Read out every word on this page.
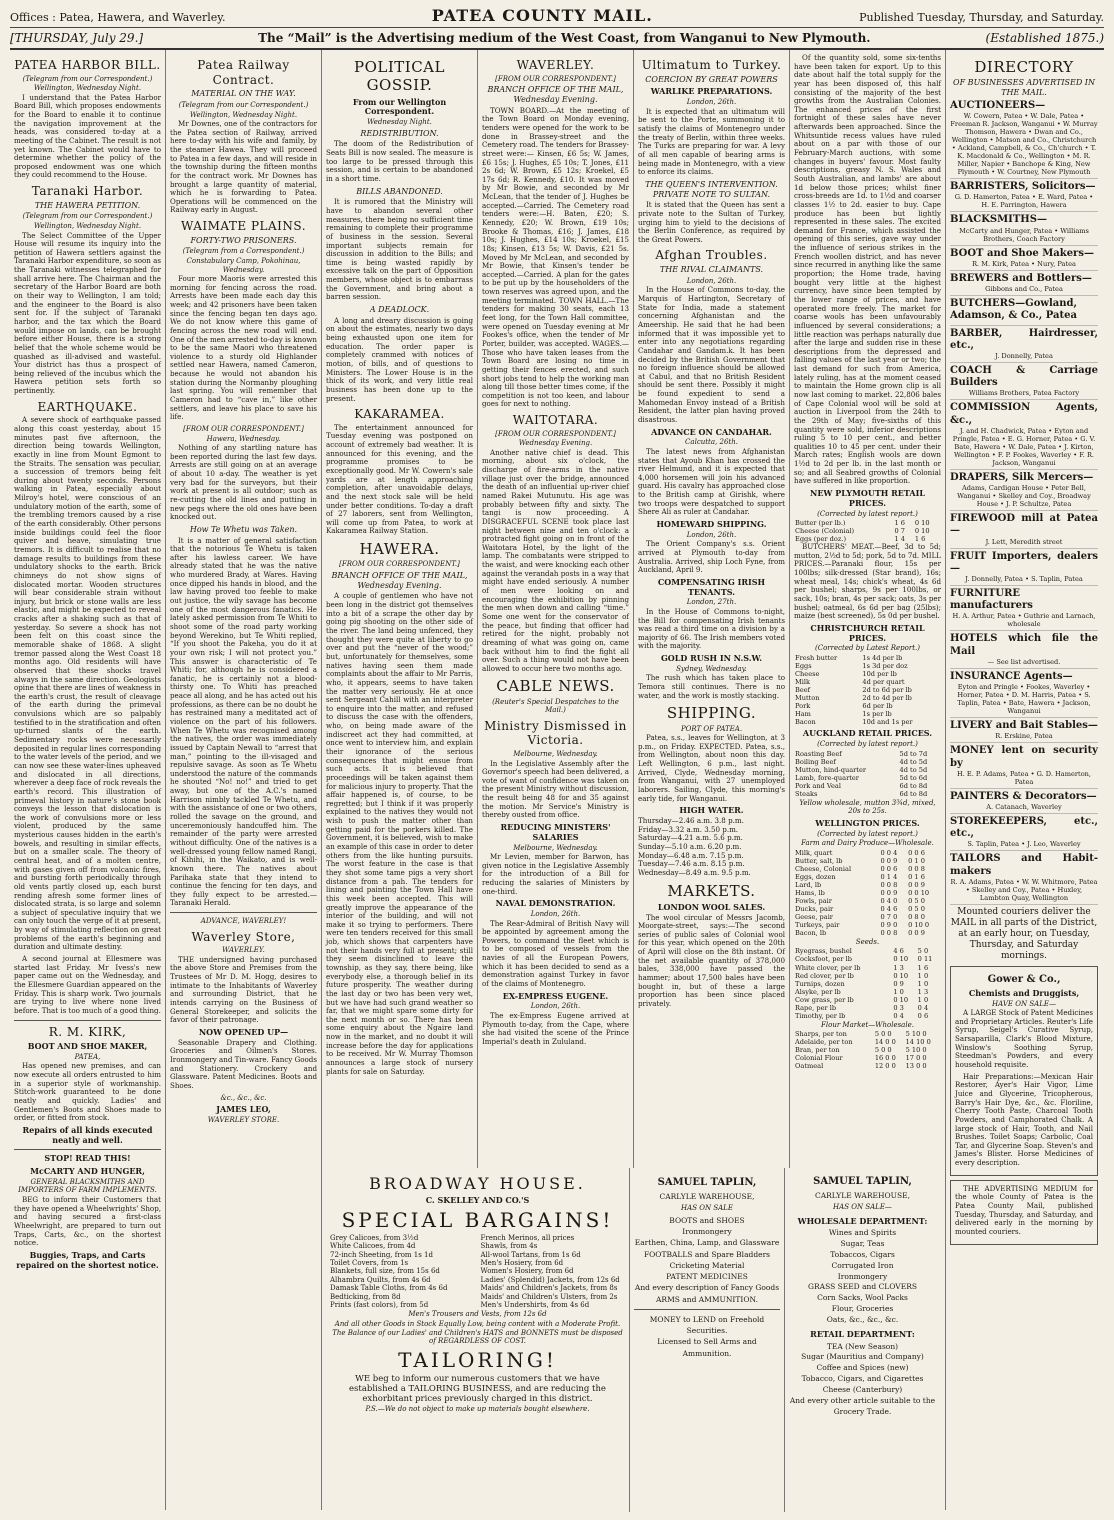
Offices : Patea, Hawera, and Waverley.	PATEA COUNTY MAIL.	Published Tuesday, Thursday, and Saturday.
[THURSDAY, July 29.]	The “Mail” is the Advertising medium of the West Coast, from Wanganui to New Plymouth.	(Established 1875.)
PATEA HARBOR BILL.
(Telegram from our Correspondent.)
Wellington, Wednesday Night.

I understand that the Patea Harbor Board Bill, which proposes endowments for the Board to enable it to continue the navigation improvement at the heads, was considered to-day at a meeting of the Cabinet. The result is not yet known. The Cabinet would have to determine whether the policy of the proposed endowment was one which they could recommend to the House.

Taranaki Harbor.
THE HAWERA PETITION.
(Telegram from our Correspondent.)
Wellington, Wednesday Night.

The Select Committee of the Upper House will resume its inquiry into the petition of Hawera settlers against the Taranaki Harbor expenditure, so soon as the Taranaki witnesses telegraphed for shall arrive here. The Chairman and the secretary of the Harbor Board are both on their way to Wellington, I am told; and the engineer to the Board is also sent for. If the subject of Taranaki harbor, and the tax which the Board would impose on lands, can be brought before either House, there is a strong belief that the whole scheme would be quashed as ill-advised and wasteful. Your district has thus a prospect of being relieved of the incubus which the Hawera petition sets forth so pertinently.

EARTHQUAKE.

A severe shock of earthquake passed along this coast yesterday, about 15 minutes past five afternoon, the direction being towards Wellington, exactly in line from Mount Egmont to the Straits. The sensation was peculiar, a succession of tremors being felt during about twenty seconds. Persons walking in Patea, especially about Milroy's hotel, were conscious of an undulatory motion of the earth, some of the trembling tremors caused by a rise of the earth considerably. Other persons inside buildings could feel the floor quiver and heave, simulating true tremors. It is difficult to realise that no damage results to buildings from these undulatory shocks to the earth. Brick chimneys do not show signs of dislocated mortar. Wooden structures will bear considerable strain without injury, but brick or stone walls are less elastic, and might be expected to reveal cracks after a shaking such as that of yesterday. So severe a shock has not been felt on this coast since the memorable shake of 1868. A slight tremor passed along the West Coast 18 months ago. Old residents will have observed that these shocks travel always in the same direction. Geologists opine that there are lines of weakness in the earth's crust, the result of cleavage of the earth during the primeval convulsions which are so palpably testified to in the stratification and often up-turned slants of the earth. Sedimentary rocks were necessarily deposited in regular lines corresponding to the water levels of the period, and we can now see these water-lines upheaved and dislocated in all directions, wherever a deep face of rock reveals the earth's record. This illustration of primeval history in nature's stone book conveys the lesson that dislocation is the work of convulsions more or less violent, produced by the same mysterious causes hidden in the earth's bowels, and resulting in similar effects, but on a smaller scale. The theory of central heat, and of a molten centre, with gases given off from volcanic fires, and bursting forth periodically through old vents partly closed up, each burst rending afresh some former lines of dislocated strata, is so large and solemn a subject of speculative inquiry that we can only touch the verge of it at present, by way of stimulating reflection on great problems of the earth's beginning and duration and ultimate destiny.

A second journal at Ellesmere was started last Friday. Mr Ivess's new paper came out on the Wednesday, and the Ellesmere Guardian appeared on the Friday. This is sharp work. Two journals are trying to live where none lived before. That is too much of a good thing.

R. M. KIRK,
BOOT AND SHOE MAKER,
PATEA,

Has opened new premises, and can now execute all orders entrusted to him in a superior style of workmanship. Stitch-work guaranteed to be done neatly and quickly. Ladies' and Gentlemen's Boots and Shoes made to order, or fitted from stock.

Repairs of all kinds executed neatly and well.
STOP! READ THIS!
McCARTY AND HUNGER,
GENERAL BLACKSMITHS AND IMPORTERS OF FARM IMPLEMENTS.

BEG to inform their Customers that they have opened a Wheelwrights' Shop, and having secured a first-class Wheelwright, are prepared to turn out Traps, Carts, &c., on the shortest notice.

Buggies, Traps, and Carts repaired on the shortest notice.
Patea Railway Contract.
MATERIAL ON THE WAY.
(Telegram from our Correspondent.)
Wellington, Wednesday Night.

Mr Downes, one of the contractors for the Patea section of Railway, arrived here to-day with his wife and family, by the steamer Hawea. They will proceed to Patea in a few days, and will reside in the township during the fifteen months for the contract work. Mr Downes has brought a large quantity of material, which he is forwarding to Patea. Operations will be commenced on the Railway early in August.

WAIMATE PLAINS.
FORTY-TWO PRISONERS.
(Telegram from a Correspondent.)
Constabulary Camp, Pokohinau, Wednesday.

Four more Maoris were arrested this morning for fencing across the road. Arrests have been made each day this week; and 42 prisoners have been taken since the fencing began ten days ago. We do not know where this game of fencing across the new road will end. One of the men arrested to-day is known to be the same Maori who threatened violence to a sturdy old Highlander settled near Hawera, named Cameron, because he would not abandon his station during the Normanby ploughing last spring. You will remember that Cameron had to “cave in,” like other settlers, and leave his place to save his life.

[FROM OUR CORRESPONDENT.]
Hawera, Wednesday.

Nothing of any startling nature has been reported during the last few days. Arrests are still going on at an average of about 10 a-day. The weather is yet very bad for the surveyors, but their work at present is all outdoor; such as re-cutting the old lines and putting in new pegs where the old ones have been knocked out.

How Te Whetu was Taken.

It is a matter of general satisfaction that the notorious Te Whetu is taken after his lawless career. We have already stated that he was the native who murdered Brady, at Wares. Having once dipped his hands in blood, and the law having proved too feeble to make out justice, the wily savage has become one of the most dangerous fanatics. He lately asked permission from Te Whiti to shoot some of the road party working beyond Werekino, but Te Whiti replied, “If you shoot the Pakeha, you do it at your own risk; I will not protect you.” This answer is characteristic of Te Whiti; for, although he is considered a fanatic, he is certainly not a blood-thirsty one. To Whiti has preached peace all along, and he has acted out his professions, as there can be no doubt he has restrained many a meditated act of violence on the part of his followers. When Te Whetu was recognised among the natives, the order was immediately issued by Captain Newall to “arrest that man,” pointing to the ill-visaged and repulsive savage. As soon as Te Whetu understood the nature of the commands he shouted “No! no!” and tried to get away, but one of the A.C.'s named Harrison nimbly tackled Te Whetu, and with the assistance of one or two others, rolled the savage on the ground, and unceremoniously handcuffed him. The remainder of the party were arrested without difficulty. One of the natives is a well-dressed young fellow named Rangi, of Kihihi, in the Waikato, and is well-known there. The natives about Parihaka state that they intend to continue the fencing for ten days, and they fully expect to be arrested.—Taranaki Herald.

ADVANCE, WAVERLEY!
Waverley Store,
WAVERLEY.

THE undersigned having purchased the above Store and Premises from the Trustees of Mr D. M. Hogg, desires to intimate to the Inhabitants of Waverley and surrounding District, that he intends carrying on the Business of General Storekeeper, and solicits the favor of their patronage.

NOW OPENED UP—

Seasonable Drapery and Clothing. Groceries and Oilmen's Stores. Ironmongery and Tin-ware. Fancy Goods and Stationery. Crockery and Glassware. Patent Medicines. Boots and Shoes.

&c., &c., &c.
JAMES LEO,
WAVERLEY STORE.
POLITICAL GOSSIP.
From our Wellington Correspondent.
Wednesday Night.
REDISTRIBUTION.

The doom of the Redistribution of Seats Bill is now sealed. The measure is too large to be pressed through this session, and is certain to be abandoned in a short time.

BILLS ABANDONED.

It is rumored that the Ministry will have to abandon several other measures, there being no sufficient time remaining to complete their programme of business in the session. Several important subjects remain for discussion in addition to the Bills; and time is being wasted rapidly by excessive talk on the part of Opposition members, whose object is to embarrass the Government, and bring about a barren session.

A DEADLOCK.

A long and dreary discussion is going on about the estimates, nearly two days being exhausted upon one item for education. The order paper is completely crammed with notices of motion, of bills, and of questions to Ministers. The Lower House is in the thick of its work, and very little real business has been done up to the present.

KAKARAMEA.

The entertainment announced for Tuesday evening was postponed on account of extremely bad weather. It is announced for this evening, and the programme promises to be exceptionally good. Mr W. Cowern's sale yards are at length approaching completion, after unavoidable delays, and the next stock sale will be held under better conditions. To-day a draft of 27 laborers, sent from Wellington, will come up from Patea, to work at Kakaramea Railway Station.

HAWERA.
[FROM OUR CORRESPONDENT.]
BRANCH OFFICE OF THE MAIL, Wednesday Evening.

A couple of gentlemen who have not been long in the district got themselves into a bit of a scrape the other day by going pig shooting on the other side of the river. The land being unfenced, they thought they were quite at liberty to go over and put the “never of the wood;” but, unfortunately for themselves, some natives having seen them made complaints about the affair to Mr Parris, who, it appears, seems to have taken the matter very seriously. He at once sent Sergeant Cahill with an interpreter to enquire into the matter, and refused to discuss the case with the offenders, who, on being made aware of the indiscreet act they had committed, at once went to interview him, and explain their ignorance of the serious consequences that might ensue from such acts. It is believed that proceedings will be taken against them for malicious injury to property. That the affair happened is, of course, to be regretted; but I think if it was properly explained to the natives they would not wish to push the matter other than getting paid for the porkers killed. The Government, it is believed, wish to make an example of this case in order to deter others from the like hunting pursuits. The worst feature in the case is that they shot some tame pigs a very short distance from a pah. The tenders for lining and painting the Town Hall have this week been accepted. This will greatly improve the appearance of the interior of the building, and will not make it so trying to performers. There were ten tenders received for this small job, which shows that carpenters have not their hands very full at present; still they seem disinclined to leave the township, as they say, there being, like everybody else, a thorough belief in its future prosperity. The weather during the last day or two has been very wet, but we have had such grand weather so far, that we might spare some dirty for the next month or so. There has been some enquiry about the Ngaire land now in the market, and no doubt it will increase before the day for applications to be received. Mr W. Murray Thomson announces a large stock of nursery plants for sale on Saturday.

WAVERLEY.
[FROM OUR CORRESPONDENT.]
BRANCH OFFICE OF THE MAIL, Wednesday Evening.

TOWN BOARD.—At the meeting of the Town Board on Monday evening, tenders were opened for the work to be done in Brassey-street and the Cemetery road. The tenders for Brassey-street were:— Kinsen, £6 5s; W. James, £6 15s; J. Hughes, £5 10s; T. Jones, £11 2s 6d; W. Brown, £5 12s; Kroekel, £5 17s 6d; R. Kennedy, £10. It was moved by Mr Bowie, and seconded by Mr McLean, that the tender of J. Hughes be accepted.—Carried. The Cemetery road tenders were:—H. Baten, £20; S. Kennedy, £20; W. Brown, £19 10s; Brooke & Thomas, £16; J. James, £18 10s; J. Hughes, £14 10s; Kroekel, £15 18s; Kinsen, £13 5s; W. Davis, £21 5s. Moved by Mr McLean, and seconded by Mr Bowie, that Kinsen's tender be accepted.—Carried. A plan for the gates to be put up by the householders of the town reserves was agreed upon, and the meeting terminated. TOWN HALL.—The tenders for making 30 seats, each 13 feet long, for the Town Hall committee, were opened on Tuesday evening at Mr Fookes's office, when the tender of Mr Porter, builder, was accepted. WAGES.—Those who have taken leases from the Town Board are losing no time in getting their fences erected, and such short jobs tend to help the working man along till those better times come, if the competition is not too keen, and labour goes for next to nothing.

WAITOTARA.
[FROM OUR CORRESPONDENT.]
Wednesday Evening.

Another native chief is dead. This morning, about six o'clock, the discharge of fire-arms in the native village just over the bridge, announced the death of an influential up-river chief named Rakei Mutunutu. His age was probably between fifty and sixty. The tangi is now proceeding. A DISGRACEFUL SCENE took place last night between nine and ten o'clock: a protracted fight going on in front of the Waitotara Hotel, by the light of the lamp. The combatants were stripped to the waist, and were knocking each other against the verandah posts in a way that might have ended seriously. A number of men were looking on and encouraging the exhibition by pinning the men when down and calling “time.” Some one went for the conservator of the peace, but finding that officer had retired for the night, probably not dreaming of what was going on, came back without him to find the fight all over. Such a thing would not have been allowed to occur here two months ago.

CABLE NEWS.
(Reuter's Special Despatches to the Mail.)
Ministry Dismissed in Victoria.
Melbourne, Wednesday.

In the Legislative Assembly after the Governor's speech had been delivered, a vote of want of confidence was taken on the present Ministry without discussion, the result being 48 for and 35 against the motion. Mr Service's Ministry is thereby ousted from office.

REDUCING MINISTERS' SALARIES
Melbourne, Wednesday.

Mr Levien, member for Barwon, has given notice in the Legislative Assembly for the introduction of a Bill for reducing the salaries of Ministers by one-third.

NAVAL DEMONSTRATION.
London, 26th.

The Rear-Admiral of British Navy will be appointed by agreement among the Powers, to command the fleet which is to be composed of vessels from the navies of all the European Powers, which it has been decided to send as a demonstration against Turkey in favor of the claims of Montenegro.

EX-EMPRESS EUGENE.
London, 26th.

The ex-Empress Eugene arrived at Plymouth to-day, from the Cape, where she had visited the scene of the Prince Imperial's death in Zululand.

Ultimatum to Turkey.
COERCION BY GREAT POWERS
WARLIKE PREPARATIONS.
London, 26th.

It is expected that an ultimatum will be sent to the Porte, summoning it to satisfy the claims of Montenegro under the treaty of Berlin, within three weeks. The Turks are preparing for war. A levy of all men capable of bearing arms is being made in Montenegro, with a view to enforce its claims.

THE QUEEN'S INTERVENTION. PRIVATE NOTE TO SULTAN.

It is stated that the Queen has sent a private note to the Sultan of Turkey, urging him to yield to the decisions of the Berlin Conference, as required by the Great Powers.

Afghan Troubles.
THE RIVAL CLAIMANTS.
London, 26th.

In the House of Commons to-day, the Marquis of Hartington, Secretary of State for India, made a statement concerning Afghanistan and the Ameership. He said that he had been informed that it was impossible yet to enter into any negotiations regarding Candahar and Gandam.k. It has been decided by the British Government that no foreign influence should be allowed at Cabul, and that no British Resident should be sent there. Possibly it might be found expedient to send a Mahomedan Envoy instead of a British Resident, the latter plan having proved disastrous.

ADVANCE ON CANDAHAR.
Calcutta, 26th.

The latest news from Afghanistan states that Ayoub Khan has crossed the river Helmund, and it is expected that 4,000 horsemen will join his advanced guard. His cavalry has approached close to the British camp at Girishk, where two troops were despatched to support Shere Ali as ruler at Candahar.

HOMEWARD SHIPPING.
London, 26th.

The Orient Company's s.s. Orient arrived at Plymouth to-day from Australia. Arrived, ship Loch Fyne, from Auckland, April 9.

COMPENSATING IRISH TENANTS.
London, 27th.

In the House of Commons to-night, the Bill for compensating Irish tenants was read a third time on a division by a majority of 66. The Irish members voted with the majority.

GOLD RUSH IN N.S.W.
Sydney, Wednesday.

The rush which has taken place to Temora still continues. There is no water, and the work is mostly stacking.

SHIPPING.
PORT OF PATEA.

Patea, s.s., leaves for Wellington, at 3 p.m., on Friday. EXPECTED. Patea, s.s., from Wellington, about noon this day. Left Wellington, 6 p.m., last night. Arrived, Clyde, Wednesday morning, from Wanganui, with 27 unemployed laborers. Sailing, Clyde, this morning's early tide, for Wanganui.

HIGH WATER.
Thursday—2.46 a.m. 3.8 p.m.
Friday—3.32 a.m. 3.50 p.m.
Saturday—4.21 a.m. 5.6 p.m.
Sunday—5.10 a.m. 6.20 p.m.
Monday—6.48 a.m. 7.15 p.m.
Tuesday—7.46 a.m. 8.15 p.m.
Wednesday—8.49 a.m. 9.5 p.m.
MARKETS.
LONDON WOOL SALES.

The wool circular of Messrs Jacomb, Moorgate-street, says:—The second series of public sales of Colonial wool for this year, which opened on the 20th of April will close on the 8th instant. Of the net available quantity of 378,000 bales, 338,000 have passed the hammer; about 17,500 bales have been bought in, but of these a large proportion has been since placed privately.

Of the quantity sold, some six-tenths have been taken for export. Up to this date about half the total supply for the year has been disposed of, this half consisting of the majority of the best growths from the Australian Colonies. The enhanced prices of the first fortnight of these sales have never afterwards been approached. Since the Whitsuntide recess values have ruled about on a par with those of our February-March auctions, with some changes in buyers' favour. Most faulty descriptions, greasy N. S. Wales and South Australian, and lambs' are about 1d below those prices; whilst finer cross-breeds are 1d. to 1½d and coarser classes 1½ to 2d. easier to buy. Cape produce has been but lightly represented in these sales. The excited demand for France, which assisted the opening of this series, gave way under the influence of serious strikes in the French woollen district, and has never since recurred in anything like the same proportion; the Home trade, having bought very little at the highest currency, have since been tempted by the lower range of prices, and have operated more freely. The market for coarse wools has been unfavourably influenced by several considerations; a little reaction was perhaps naturally due after the large and sudden rise in these descriptions from the depressed and falling values of the last year or two; the last demand for such from America, lately ruling, has at the moment ceased to maintain the Home grown clip is all now last coming to market. 22,806 bales of Cape Colonial wool will be sold at auction in Liverpool from the 24th to the 29th of May; five-sixths of this quantity were sold, inferior descriptions ruling 5 to 10 per cent., and better qualities 10 to 45 per cent. under their March rates; English wools are down 1½d to 2d per lb. in the last month or so; and all Seabred growths of Colonial have suffered in like proportion.

NEW PLYMOUTH RETAIL PRICES.
(Corrected by latest report.)
Butter (per lb.)	1 6	0 10
Cheese (Colonial)	0 7	0 10
Eggs (per doz.)	1 4	1 6

BUTCHERS' MEAT.—Beef, 3d to 5d; mutton, 2½d to 5d; pork, 5d to 7d. MILL PRICES.—Paranaki flour, 15s per 100lbs; silk-dressed (Star brand), 16s; wheat meal, 14s; chick's wheat, 4s 6d per bushel; sharps, 9s per 100lbs, or sack, 10s; bran, 4s per sack; oats, 3s per bushel; oatmeal, 6s 6d per bag (25lbs); maize (best screened), 5s 0d per bushel.

CHRISTCHURCH RETAIL PRICES.
(Corrected by Latest Report.)
Fresh butter	1s 4d per lb
Eggs	1s 3d per doz
Cheese	10d per lb
Milk	4d per quart
Beef	2d to 6d per lb
Mutton	2d to 4d per lb
Pork	6d per lb
Ham	1s per lb
Bacon	10d and 1s per
AUCKLAND RETAIL PRICES.
(Corrected by latest report.)
Roasting Beef	5d to 7d
Boiling Beef	4d to 5d
Mutton, hind-quarter	4d to 5d
Lamb, fore-quarter	5d to 6d
Pork and Veal	6d to 8d
Steaks	6d to 8d
Yellow wholesale, mutton 3¾d, mixed, 20s to 25s.
WELLINGTON PRICES.
(Corrected by latest report.)
Farm and Dairy Produce—Wholesale.
Milk, quart	0 0 4	0 0 6
Butter, salt, lb	0 0 9	0 1 0
Cheese, Colonial	0 0 6	0 0 8
Eggs, dozen	0 1 4	0 1 6
Lard, lb	0 0 8	0 0 9
Hams, lb	0 0 9	0 0 10
Fowls, pair	0 4 0	0 5 0
Ducks, pair	0 4 6	0 5 0
Geese, pair	0 7 0	0 8 0
Turkeys, pair	0 9 0	0 10 0
Bacon, lb	0 0 8	0 0 9
Seeds.
Ryegrass, bushel	4 6	5 0
Cocksfoot, per lb	0 10	0 11
White clover, per lb	1 3	1 6
Red clover, per lb	0 10	1 0
Turnips, dozen	0 9	1 0
Alsyke, per lb	1 0	1 3
Cow grass, per lb	0 10	1 0
Rape, per lb	0 3	0 4
Timothy, per lb	0 4	0 6
Flour Market—Wholesale.
Sharps, per ton	5 0 0	5 10 0
Adelaide, per ton	14 0 0	14 10 0
Bran, per ton	5 0 0	5 10 0
Colonial Flour	16 0 0	17 0 0
Oatmeal	12 0 0	13 0 0
DIRECTORY
OF BUSINESSES ADVERTISED IN THE MAIL.
AUCTIONEERS—
W. Cowern, Patea • W. Dale, Patea • Freeman R. Jackson, Wanganui • W. Murray Thomson, Hawera • Dwan and Co., Wellington • Matson and Co., Christchurch • Ackland, Campbell, & Co., Ch'church • T. K. Macdonald & Co., Wellington • M. R. Miller, Napier • Banchope & King, New Plymouth • W. Courtney, New Plymouth
BARRISTERS, Solicitors—
G. D. Hamerton, Patea • E. Ward, Patea • H. E. Parrington, Hawera
BLACKSMITHS—
McCarty and Hunger, Patea • Williams Brothers, Coach Factory
BOOT and Shoe Makers—
R. M. Kirk, Patea • Nury, Patea
BREWERS and Bottlers—
Gibbons and Co., Patea
BUTCHERS—Gowland, Adamson, & Co., Patea
BARBER, Hairdresser, etc.,
J. Donnelly, Patea
COACH & Carriage Builders
Williams Brothers, Patea Factory
COMMISSION Agents, &c.,
J. and H. Chadwick, Patea • Eyton and Pringle, Patea • E. G. Horner, Patea • G. V. Bate, Hawera • W. Dale, Patea • J. Kirton, Wellington • F. P. Fookes, Waverley • F. R. Jackson, Wanganui
DRAPERS, Silk Mercers—
Adams, Cardigan House • Peter Bell, Wanganui • Skelley and Coy., Broadway House • J. P. Schultze, Patea
FIREWOOD mill at Patea—
J. Lett, Meredith street
FRUIT Importers, dealers—
J. Donnelly, Patea • S. Taplin, Patea
FURNITURE manufacturers
H. A. Arthur, Patea • Guthrie and Larnach, wholesale
HOTELS which file the Mail
— See list advertised.
INSURANCE Agents—
Eyton and Pringle • Fookes, Waverley • Horner, Patea • D. M. Harris, Patea • S. Taplin, Patea • Bate, Hawera • Jackson, Wanganui
LIVERY and Bait Stables—
R. Erskine, Patea
MONEY lent on security by
H. E. P. Adams, Patea • G. D. Hamerton, Patea
PAINTERS & Decorators—
A. Catanach, Waverley
STOREKEEPERS, etc., etc.,
S. Taplin, Patea • J. Leo, Waverley
TAILORS and Habit-makers
R. A. Adams, Patea • W. W. Whitmore, Patea • Skelley and Coy., Patea • Huxley, Lambton Quay, Wellington

Mounted couriers deliver the MAIL in all parts of the District, at an early hour, on Tuesday, Thursday, and Saturday mornings.

Gower & Co.,
Chemists and Druggists,
HAVE ON SALE—

A LARGE Stock of Patent Medicines and Proprietary Articles. Reuter's Life Syrup, Seigel's Curative Syrup, Sarsaparilla, Clark's Blood Mixture, Winslow's Soothing Syrup, Steedman's Powders, and every household requisite.

Hair Preparations:—Mexican Hair Restorer, Ayer's Hair Vigor, Lime Juice and Glycerine, Tricopherous, Barry's Hair Dye, &c., &c. Floriline, Cherry Tooth Paste, Charcoal Tooth Powders, and Camphorated Chalk. A large stock of Hair, Tooth, and Nail Brushes. Toilet Soaps; Carbolic, Coal Tar, and Glycerine Soap. Steven's and James's Blister. Horse Medicines of every description.

THE ADVERTISING MEDIUM for the whole County of Patea is the Patea County Mail, published Tuesday, Thursday, and Saturday, and delivered early in the morning by mounted couriers.

BROADWAY HOUSE.
C. SKELLEY AND CO.'S
SPECIAL BARGAINS!
Grey Calicoes, from 3½d
White Calicoes, from 4d
72-inch Sheeting, from 1s 1d
Toilet Covers, from 1s
Blankets, full size, from 15s 6d
Alhambra Quilts, from 4s 6d
Damask Table Cloths, from 4s 6d
Bedticking, from 8d
Prints (fast colors), from 5d
French Merinos, all prices
Shawls, from 4s
All-wool Tartans, from 1s 6d
Men's Hosiery, from 6d
Women's Hosiery, from 6d
Ladies' (Splendid) Jackets, from 12s 6d
Maids' and Children's Jackets, from 8s
Maids' and Children's Ulsters, from 2s
Men's Undershirts, from 4s 6d
Men's Trousers and Vests, from 12s 6d
And all other Goods in Stock Equally Low, being content with a Moderate Profit.
The Balance of our Ladies' and Children's HATS and BONNETS must be disposed of REGARDLESS OF COST.
TAILORING!
WE beg to inform our numerous customers that we have established a TAILORING BUSINESS, and are reducing the exhorbitant prices previously charged in this district.
P.S.—We do not object to make up materials bought elsewhere.
SAMUEL TAPLIN,
CARLYLE WAREHOUSE,
HAS ON SALE
BOOTS and SHOES
Ironmongery
Earthen, China, Lamp, and Glassware
FOOTBALLS and Spare Bladders
Cricketing Material
PATENT MEDICINES
And every description of Fancy Goods
ARMS and AMMUNITION.
MONEY to LEND on Freehold Securities.
Licensed to Sell Arms and Ammunition.
SAMUEL TAPLIN,
CARLYLE WAREHOUSE,
HAS ON SALE—
WHOLESALE DEPARTMENT:
Wines and Spirits
Sugar, Teas
Tobaccos, Cigars
Corrugated Iron
Ironmongery
GRASS SEED and CLOVERS
Corn Sacks, Wool Packs
Flour, Groceries
Oats, &c., &c., &c.
RETAIL DEPARTMENT:
TEA (New Season)
Sugar (Mauritius and Company)
Coffee and Spices (new)
Tobacco, Cigars, and Cigarettes
Cheese (Canterbury)
And every other article suitable to the Grocery Trade.
